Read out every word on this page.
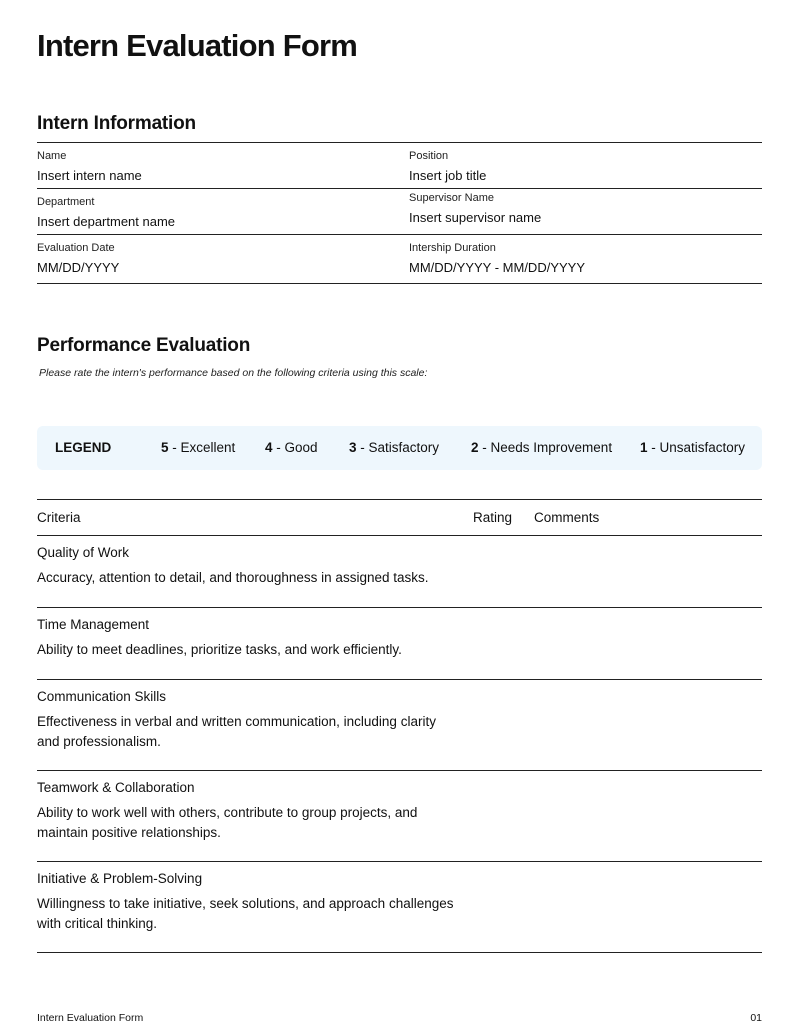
Intern Evaluation Form
Intern Information
Name
Insert intern name
Position
Insert job title
Department
Insert department name
Supervisor Name
Insert supervisor name
Evaluation Date
MM/DD/YYYY
Intership Duration
MM/DD/YYYY - MM/DD/YYYY
Performance Evaluation
Please rate the intern's performance based on the following criteria using this scale:
LEGEND	5 - Excellent 4 - Good 3 - Satisfactory 2 - Needs Improvement 1 - Unsatisfactory
Criteria	Rating Comments
Quality of Work
Accuracy, attention to detail, and thoroughness in assigned tasks.
Time Management
Ability to meet deadlines, prioritize tasks, and work efficiently.
Communication Skills
Effectiveness in verbal and written communication, including clarity and professionalism.
Teamwork & Collaboration
Ability to work well with others, contribute to group projects, and maintain positive relationships.
Initiative & Problem-Solving
Willingness to take initiative, seek solutions, and approach challenges with critical thinking.
Intern Evaluation Form	01
